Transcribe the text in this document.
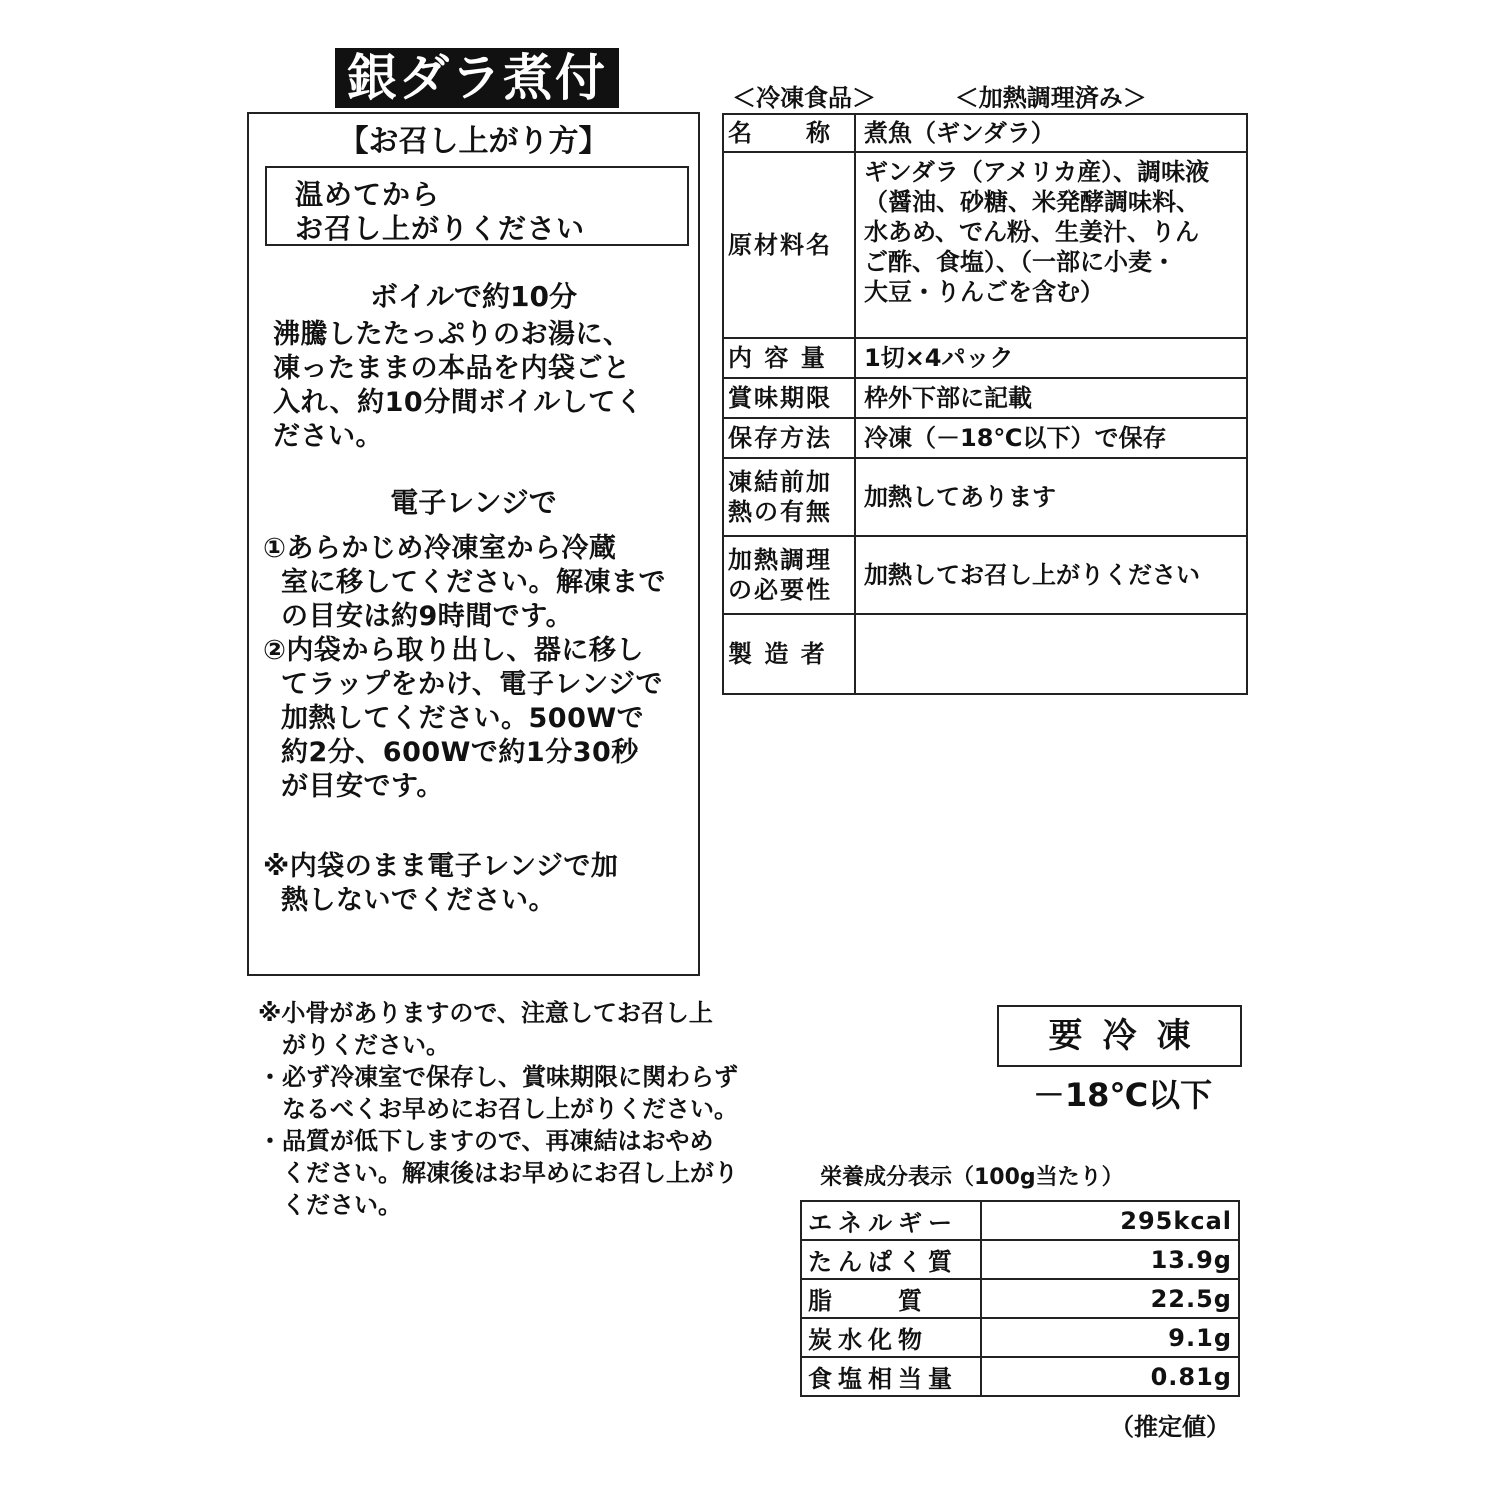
銀ダラ煮付
【お召し上がり方】
温めてから
お召し上がりください
ボイルで約10分
沸騰したたっぷりのお湯に、
凍ったままの本品を内袋ごと
入れ、約10分間ボイルしてく
ださい。
電子レンジで
①あらかじめ冷凍室から冷蔵
室に移してください。解凍まで
の目安は約9時間です。
②内袋から取り出し、器に移し
てラップをかけ、電子レンジで
加熱してください。500Wで
約2分、600Wで約1分30秒
が目安です。
※内袋のまま電子レンジで加
熱しないでください。
＜冷凍食品＞	＜加熱調理済み＞
名　　称	煮魚（ギンダラ）
原材料名	ギンダラ（アメリカ産）、調味液
（醤油、砂糖、米発酵調味料、
水あめ、でん粉、生姜汁、りん
ご酢、食塩）、（一部に小麦・
大豆・りんごを含む）

内 容 量	1切×4パック
賞味期限	枠外下部に記載
保存方法	冷凍（－18℃以下）で保存

凍結前加
熱の有無	加熱してあります

加熱調理
の必要性	加熱してお召し上がりください
製 造 者	
※小骨がありますので、注意してお召し上
　がりください。
・必ず冷凍室で保存し、賞味期限に関わらず
　なるべくお早めにお召し上がりください。
・品質が低下しますので、再凍結はおやめ
　ください。解凍後はお早めにお召し上がり
　ください。
要冷凍
－18℃以下
栄養成分表示（100g当たり）
エネルギー	295kcal
たんぱく質	13.9g
脂　　質	22.5g
炭水化物	9.1g
食塩相当量	0.81g
（推定値）
